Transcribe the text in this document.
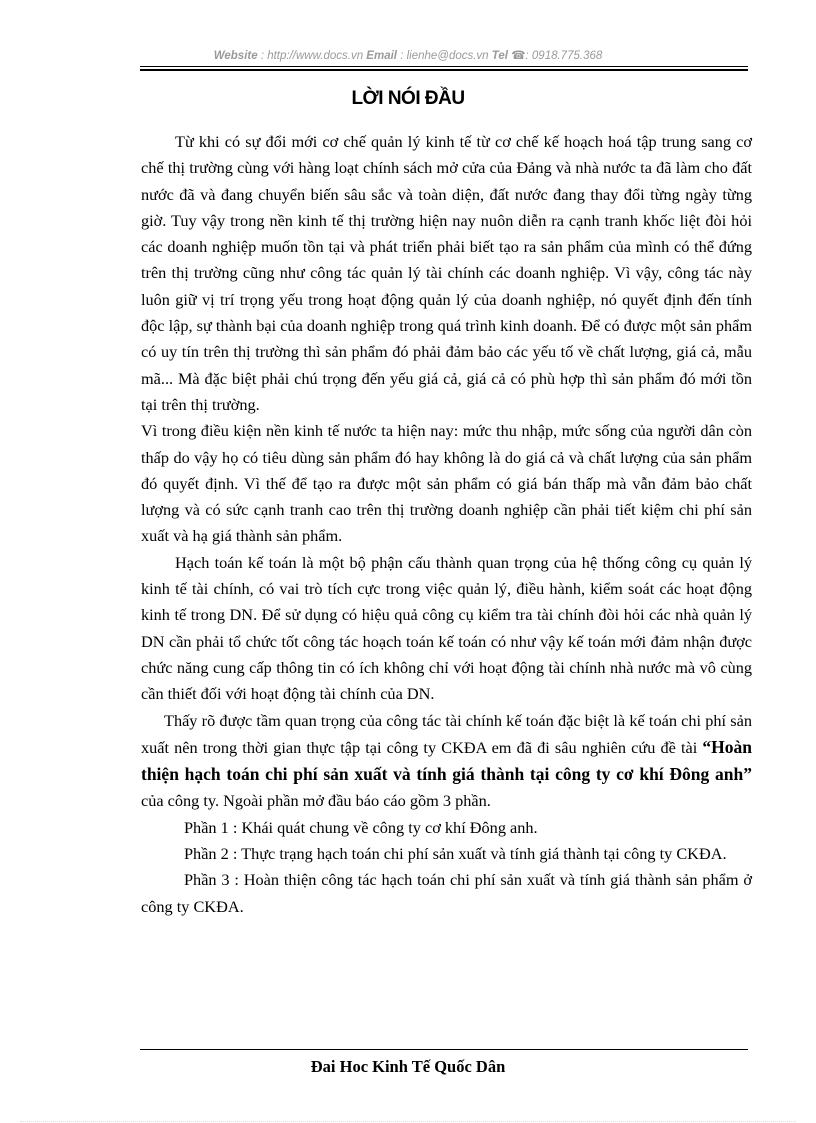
Website : http://www.docs.vn Email : lienhe@docs.vn Tel ☎: 0918.775.368
LỜI NÓI ĐẦU

Từ khi có sự đổi mới cơ chế quản lý kinh tế từ cơ chế kế hoạch hoá tập trung sang cơ chế thị trường cùng với hàng loạt chính sách mở cửa của Đảng và nhà nước ta đã làm cho đất nước đã và đang chuyển biến sâu sắc và toàn diện, đất nước đang thay đổi từng ngày từng giờ. Tuy vậy trong nền kinh tế thị trường hiện nay nuôn diễn ra cạnh tranh khốc liệt đòi hỏi các doanh nghiệp muốn tồn tại và phát triển phải biết tạo ra sản phẩm của mình có thể đứng trên thị trường cũng như công tác quản lý tài chính các doanh nghiệp. Vì vậy, công tác này luôn giữ vị trí trọng yếu trong hoạt động quản lý của doanh nghiệp, nó quyết định đến tính độc lập, sự thành bại của doanh nghiệp trong quá trình kinh doanh. Để có được một sản phẩm có uy tín trên thị trường thì sản phẩm đó phải đảm bảo các yếu tố về chất lượng, giá cả, mẫu mã... Mà đặc biệt phải chú trọng đến yếu giá cả, giá cả có phù hợp thì sản phẩm đó mới tồn tại trên thị trường.

Vì trong điều kiện nền kinh tế nước ta hiện nay: mức thu nhập, mức sống của người dân còn thấp do vậy họ có tiêu dùng sản phẩm đó hay không là do giá cả và chất lượng của sản phẩm đó quyết định. Vì thế để tạo ra được một sản phẩm có giá bán thấp mà vẫn đảm bảo chất lượng và có sức cạnh tranh cao trên thị trường doanh nghiệp cần phải tiết kiệm chi phí sản xuất và hạ giá thành sản phẩm.

Hạch toán kế toán là một bộ phận cấu thành quan trọng của hệ thống công cụ quản lý kinh tế tài chính, có vai trò tích cực trong việc quản lý, điều hành, kiểm soát các hoạt động kinh tế trong DN. Để sử dụng có hiệu quả công cụ kiểm tra tài chính đòi hỏi các nhà quản lý DN cần phải tổ chức tốt công tác hoạch toán kế toán có như vậy kế toán mới đảm nhận được chức năng cung cấp thông tin có ích không chỉ với hoạt động tài chính nhà nước mà vô cùng cần thiết đối với hoạt động tài chính của DN.

Thấy rõ được tầm quan trọng của công tác tài chính kế toán đặc biệt là kế toán chi phí sản xuất nên trong thời gian thực tập tại công ty CKĐA em đã đi sâu nghiên cứu đề tài “Hoàn thiện hạch toán chi phí sản xuất và tính giá thành tại công ty cơ khí Đông anh” của công ty. Ngoài phần mở đầu báo cáo gồm 3 phần.

Phần 1 : Khái quát chung về công ty cơ khí Đông anh.

Phần 2 : Thực trạng hạch toán chi phí sản xuất và tính giá thành tại công ty CKĐA.

Phần 3 : Hoàn thiện công tác hạch toán chi phí sản xuất và tính giá thành sản phẩm ở công ty CKĐA.

Đai Hoc Kinh Tế Quốc Dân
